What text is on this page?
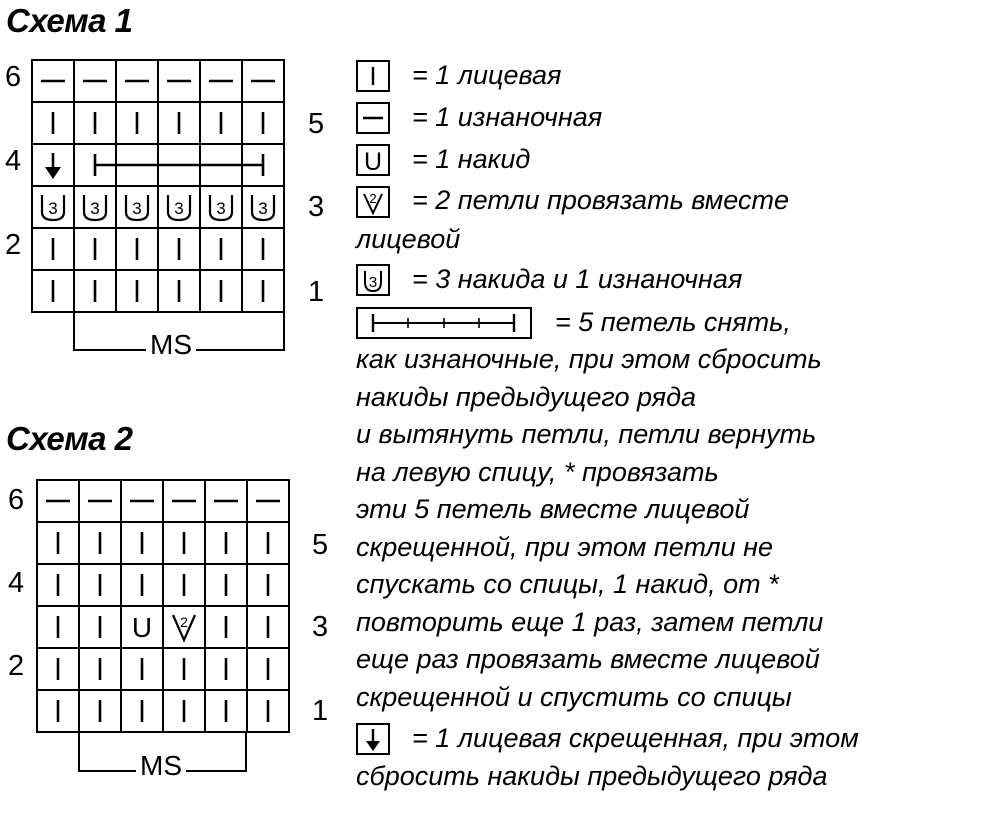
Схема 1
Схема 2
3 3 3 3 3 3
U 2
6
4
2
5
3
1
MS
6
4
2
5
3
1
MS
U
2
3
= 1 лицевая
= 1 изнаночная
= 1 накид
= 2 петли провязать вместе
лицевой
= 3 накида и 1 изнаночная
= 5 петель снять,
как изнаночные, при этом сбросить
накиды предыдущего ряда
и вытянуть петли, петли вернуть
на левую спицу, * провязать
эти 5 петель вместе лицевой
скрещенной, при этом петли не
спускать со спицы, 1 накид, от *
повторить еще 1 раз, затем петли
еще раз провязать вместе лицевой
скрещенной и спустить со спицы
= 1 лицевая скрещенная, при этом
сбросить накиды предыдущего ряда
